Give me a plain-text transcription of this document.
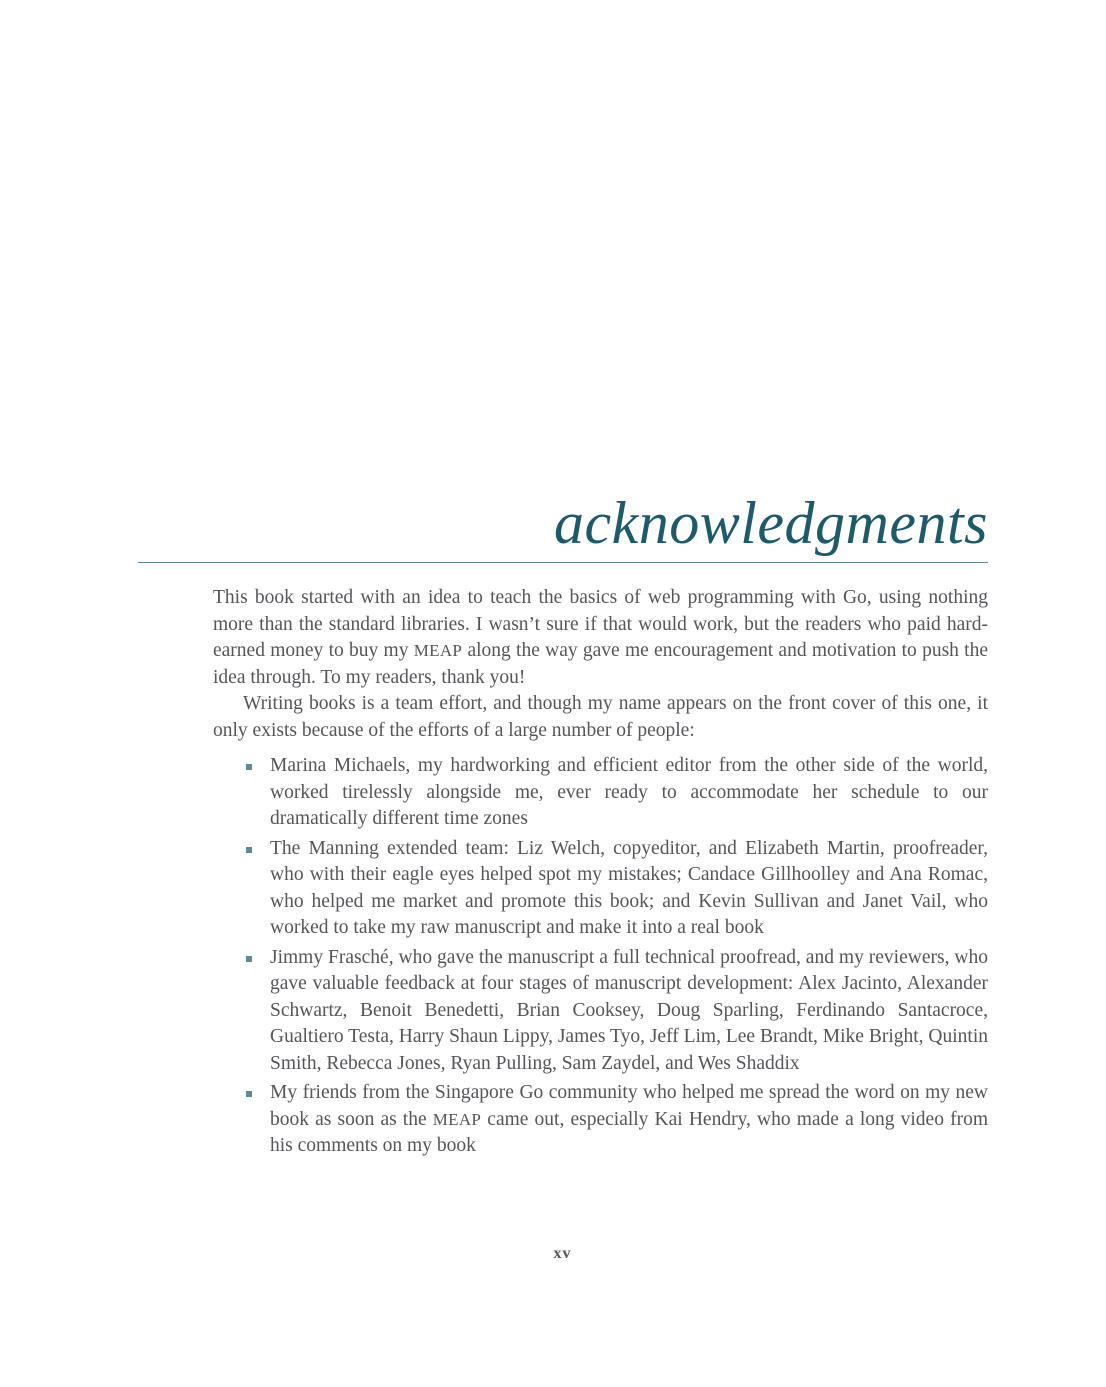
acknowledgments

This book started with an idea to teach the basics of web programming with Go, using nothing more than the standard libraries. I wasn’t sure if that would work, but the readers who paid hard-earned money to buy my MEAP along the way gave me encouragement and motivation to push the idea through. To my readers, thank you!

Writing books is a team effort, and though my name appears on the front cover of this one, it only exists because of the efforts of a large number of people:

Marina Michaels, my hardworking and efficient editor from the other side of the world, worked tirelessly alongside me, ever ready to accommodate her schedule to our dramatically different time zones
The Manning extended team: Liz Welch, copyeditor, and Elizabeth Martin, proofreader, who with their eagle eyes helped spot my mistakes; Candace Gillhoolley and Ana Romac, who helped me market and promote this book; and Kevin Sullivan and Janet Vail, who worked to take my raw manuscript and make it into a real book
Jimmy Frasché, who gave the manuscript a full technical proofread, and my reviewers, who gave valuable feedback at four stages of manuscript development: Alex Jacinto, Alexander Schwartz, Benoit Benedetti, Brian Cooksey, Doug Sparling, Ferdinando Santacroce, Gualtiero Testa, Harry Shaun Lippy, James Tyo, Jeff Lim, Lee Brandt, Mike Bright, Quintin Smith, Rebecca Jones, Ryan Pulling, Sam Zaydel, and Wes Shaddix
My friends from the Singapore Go community who helped me spread the word on my new book as soon as the MEAP came out, especially Kai Hendry, who made a long video from his comments on my book
xv
